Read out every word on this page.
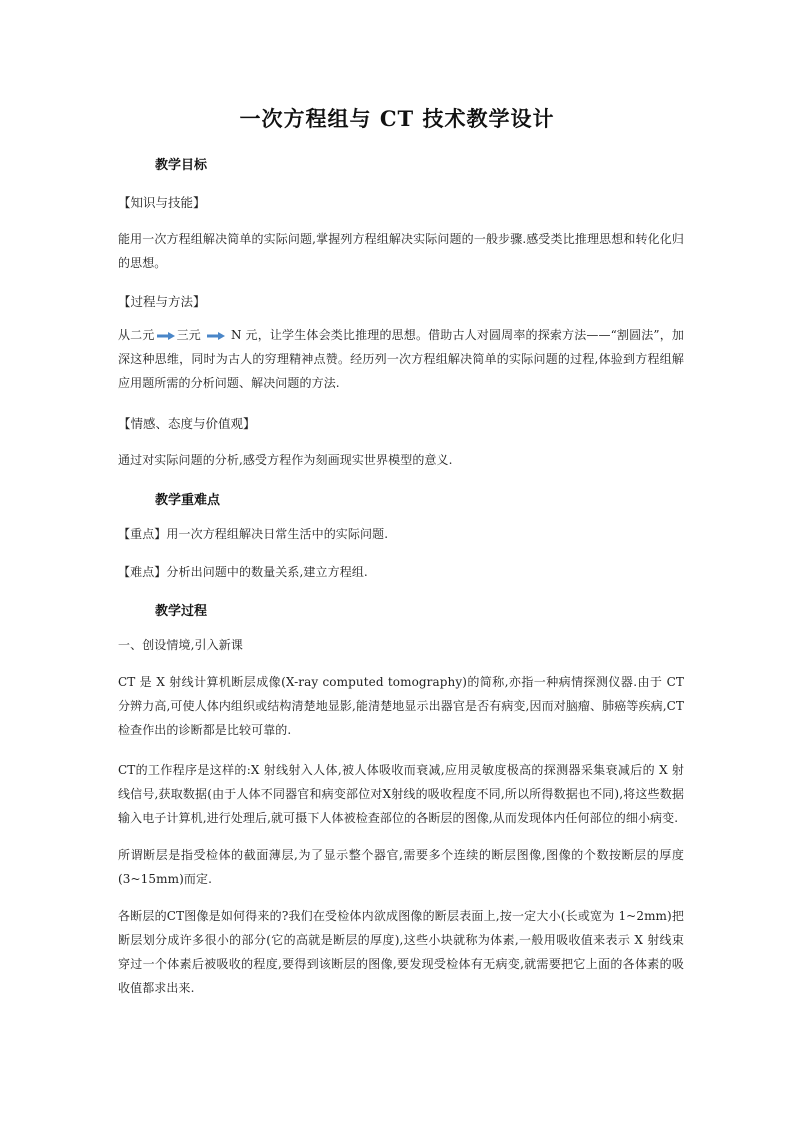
一次方程组与 CT 技术教学设计
教学目标
【知识与技能】
能用一次方程组解决简单的实际问题,掌握列方程组解决实际问题的一般步骤.感受类比推理思想和转化化归的思想。
【过程与方法】
从二元 三元	N 元，让学生体会类比推理的思想。借助古人对圆周率的探索方法——“割圆法”，加深这种思维，同时为古人的穷理精神点赞。经历列一次方程组解决简单的实际问题的过程,体验到方程组解应用题所需的分析问题、解决问题的方法.
【情感、态度与价值观】
通过对实际问题的分析,感受方程作为刻画现实世界模型的意义.
教学重难点
【重点】用一次方程组解决日常生活中的实际问题.
【难点】分析出问题中的数量关系,建立方程组.
教学过程
一、创设情境,引入新课
CT 是 X 射线计算机断层成像(X-ray computed tomography)的简称,亦指一种病情探测仪器.由于 CT 分辨力高,可使人体内组织或结构清楚地显影,能清楚地显示出器官是否有病变,因而对脑瘤、肺癌等疾病,CT 检查作出的诊断都是比较可靠的.
CT的工作程序是这样的:X 射线射入人体,被人体吸收而衰减,应用灵敏度极高的探测器采集衰减后的 X 射线信号,获取数据(由于人体不同器官和病变部位对X射线的吸收程度不同,所以所得数据也不同),将这些数据输入电子计算机,进行处理后,就可摄下人体被检查部位的各断层的图像,从而发现体内任何部位的细小病变.
所谓断层是指受检体的截面薄层,为了显示整个器官,需要多个连续的断层图像,图像的个数按断层的厚度(3~15mm)而定.
各断层的CT图像是如何得来的?我们在受检体内欲成图像的断层表面上,按一定大小(长或宽为 1~2mm)把断层划分成许多很小的部分(它的高就是断层的厚度),这些小块就称为体素,一般用吸收值来表示 X 射线束穿过一个体素后被吸收的程度,要得到该断层的图像,要发现受检体有无病变,就需要把它上面的各体素的吸收值都求出来.
